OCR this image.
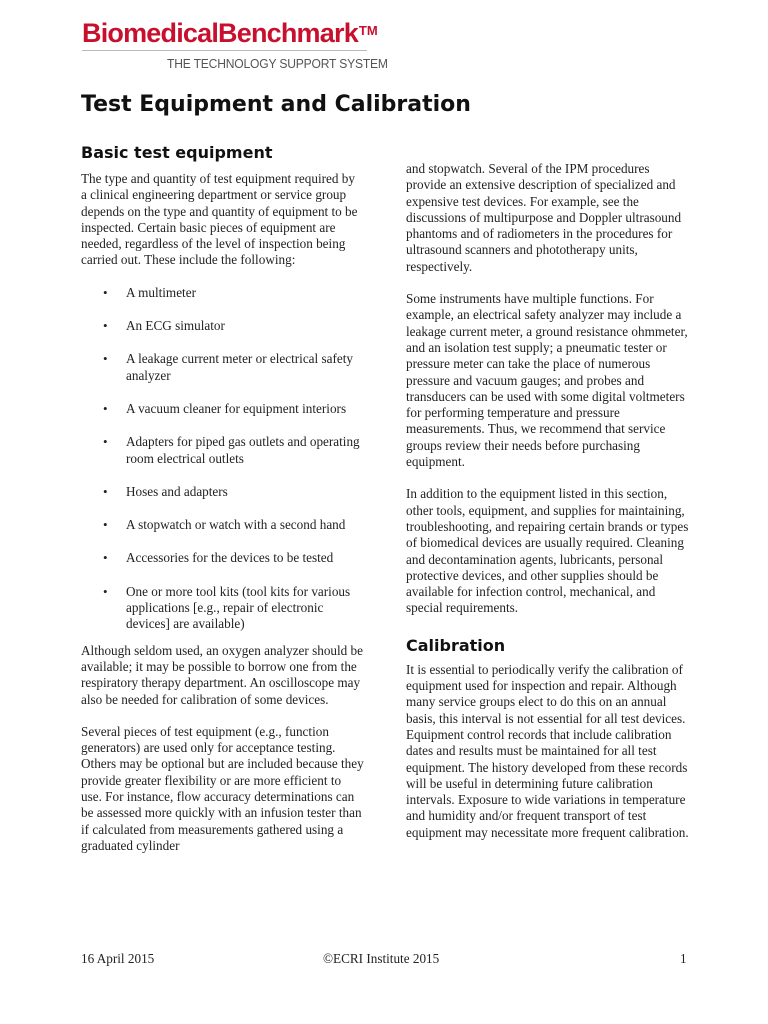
BiomedicalBenchmark™
THE TECHNOLOGY SUPPORT SYSTEM
Test Equipment and Calibration
Basic test equipment

The type and quantity of test equipment required by a clinical engineering department or service group depends on the type and quantity of equipment to be inspected. Certain basic pieces of equipment are needed, regardless of the level of inspection being carried out. These include the following:

• A multimeter
• An ECG simulator
• A leakage current meter or electrical safety analyzer
• A vacuum cleaner for equipment interiors
• Adapters for piped gas outlets and operating room electrical outlets
• Hoses and adapters
• A stopwatch or watch with a second hand
• Accessories for the devices to be tested
• One or more tool kits (tool kits for various applications [e.g., repair of electronic devices] are available)

Although seldom used, an oxygen analyzer should be available; it may be possible to borrow one from the respiratory therapy department. An oscilloscope may also be needed for calibration of some devices.

Several pieces of test equipment (e.g., function generators) are used only for acceptance testing. Others may be optional but are included because they provide greater flexibility or are more efficient to use. For instance, flow accuracy determinations can be assessed more quickly with an infusion tester than if calculated from measurements gathered using a graduated cylinder

and stopwatch. Several of the IPM procedures provide an extensive description of specialized and expensive test devices. For example, see the discussions of multipurpose and Doppler ultrasound phantoms and of radiometers in the procedures for ultrasound scanners and phototherapy units, respectively.

Some instruments have multiple functions. For example, an electrical safety analyzer may include a leakage current meter, a ground resistance ohmmeter, and an isolation test supply; a pneumatic tester or pressure meter can take the place of numerous pressure and vacuum gauges; and probes and transducers can be used with some digital voltmeters for performing temperature and pressure measurements. Thus, we recommend that service groups review their needs before purchasing equipment.

In addition to the equipment listed in this section, other tools, equipment, and supplies for maintaining, troubleshooting, and repairing certain brands or types of biomedical devices are usually required. Cleaning and decontamination agents, lubricants, personal protective devices, and other supplies should be available for infection control, mechanical, and special requirements.

Calibration

It is essential to periodically verify the calibration of equipment used for inspection and repair. Although many service groups elect to do this on an annual basis, this interval is not essential for all test devices. Equipment control records that include calibration dates and results must be maintained for all test equipment. The history developed from these records will be useful in determining future calibration intervals. Exposure to wide variations in temperature and humidity and/or frequent transport of test equipment may necessitate more frequent calibration.

16 April 2015	©ECRI Institute 2015	1
